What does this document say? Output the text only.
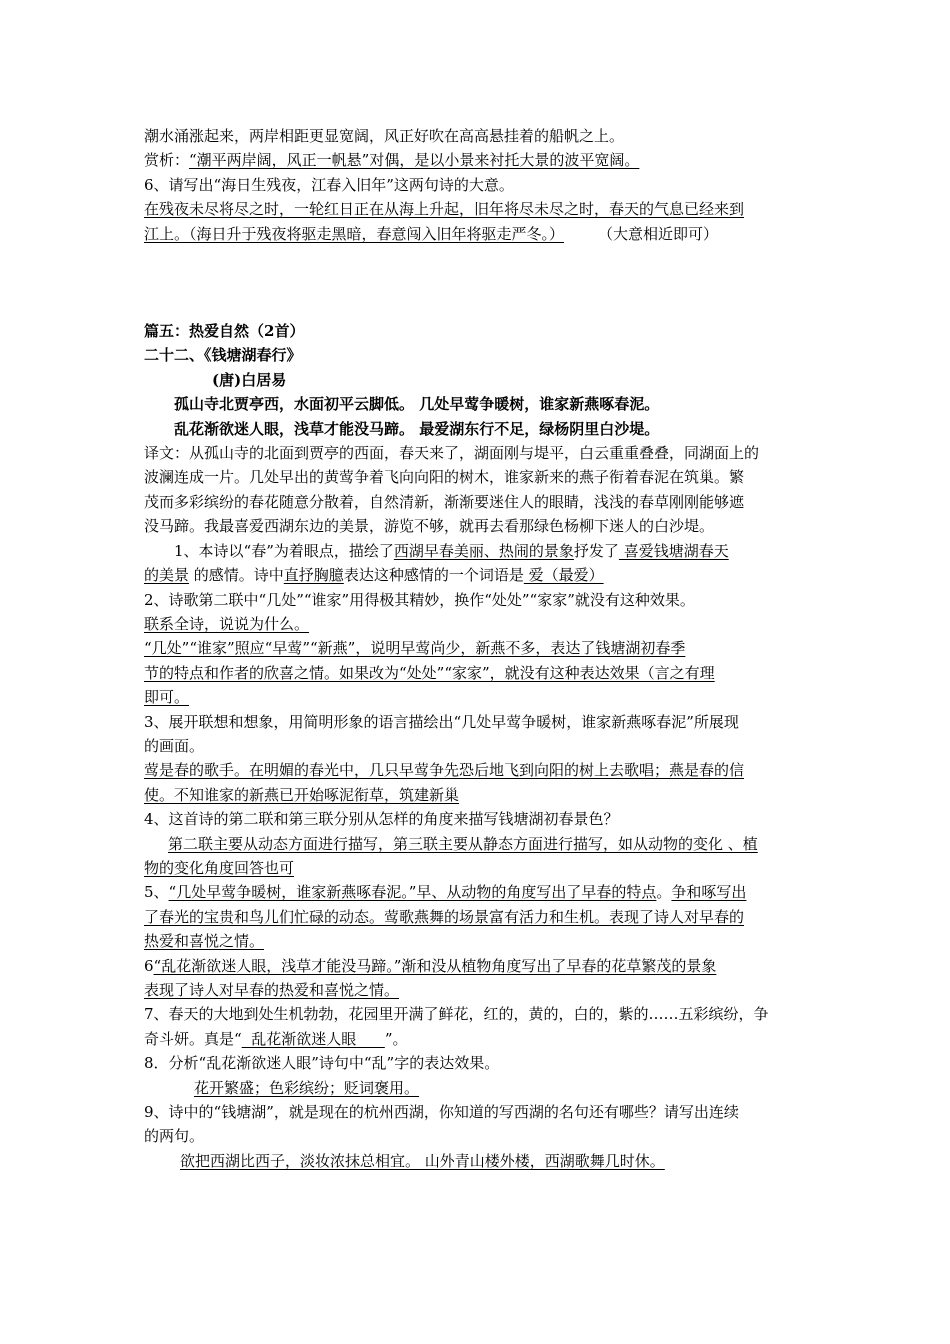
潮水涌涨起来，两岸相距更显宽阔，风正好吹在高高悬挂着的船帆之上。

赏析：“潮平两岸阔，风正一帆悬”对偶，是以小景来衬托大景的波平宽阔。

6、请写出“海日生残夜，江春入旧年”这两句诗的大意。

在残夜未尽将尽之时，一轮红日正在从海上升起，旧年将尽未尽之时，春天的气息已经来到

江上。（海日升于残夜将驱走黑暗，春意闯入旧年将驱走严冬。） （大意相近即可）

篇五：热爱自然（2首）

二十二、《钱塘湖春行》

(唐)白居易

孤山寺北贾亭西，水面初平云脚低。 几处早莺争暖树，谁家新燕啄春泥。

乱花渐欲迷人眼，浅草才能没马蹄。 最爱湖东行不足，绿杨阴里白沙堤。

译文：从孤山寺的北面到贾亭的西面，春天来了，湖面刚与堤平，白云重重叠叠，同湖面上的

波澜连成一片。几处早出的黄莺争着飞向向阳的树木，谁家新来的燕子衔着春泥在筑巢。繁

茂而多彩缤纷的春花随意分散着，自然清新，渐渐要迷住人的眼睛，浅浅的春草刚刚能够遮

没马蹄。我最喜爱西湖东边的美景，游览不够，就再去看那绿色杨柳下迷人的白沙堤。

1、本诗以“春”为着眼点，描绘了西湖早春美丽、热闹的景象抒发了 喜爱钱塘湖春天

的美景 的感情。诗中直抒胸臆表达这种感情的一个词语是 爱（最爱）

2、诗歌第二联中“几处”“谁家”用得极其精妙，换作“处处”“家家”就没有这种效果。

联系全诗，说说为什么。

“几处”“谁家”照应“早莺”“新燕”，说明早莺尚少，新燕不多，表达了钱塘湖初春季

节的特点和作者的欣喜之情。如果改为“处处”“家家”，就没有这种表达效果（言之有理

即可。

3、展开联想和想象，用简明形象的语言描绘出“几处早莺争暖树，谁家新燕啄春泥”所展现

的画面。

莺是春的歌手。在明媚的春光中，几只早莺争先恐后地飞到向阳的树上去歌唱；燕是春的信

使。不知谁家的新燕已开始啄泥衔草，筑建新巢

4、这首诗的第二联和第三联分别从怎样的角度来描写钱塘湖初春景色？

第二联主要从动态方面进行描写，第三联主要从静态方面进行描写，如从动物的变化 、植

物的变化角度回答也可

5、“几处早莺争暖树，谁家新燕啄春泥。”早、从动物的角度写出了早春的特点。争和啄写出

了春光的宝贵和鸟儿们忙碌的动态。莺歌燕舞的场景富有活力和生机。表现了诗人对早春的

热爱和喜悦之情。

6“乱花渐欲迷人眼，浅草才能没马蹄。”渐和没从植物角度写出了早春的花草繁茂的景象

表现了诗人对早春的热爱和喜悦之情。

7、春天的大地到处生机勃勃，花园里开满了鲜花，红的，黄的，白的，紫的……五彩缤纷，争

奇斗妍。真是“  乱花渐欲迷人眼      ”。

8．分析“乱花渐欲迷人眼”诗句中“乱”字的表达效果。

花开繁盛；色彩缤纷；贬词褒用。

9、诗中的“钱塘湖”，就是现在的杭州西湖，你知道的写西湖的名句还有哪些？请写出连续

的两句。

欲把西湖比西子，淡妆浓抹总相宜。 山外青山楼外楼，西湖歌舞几时休。
